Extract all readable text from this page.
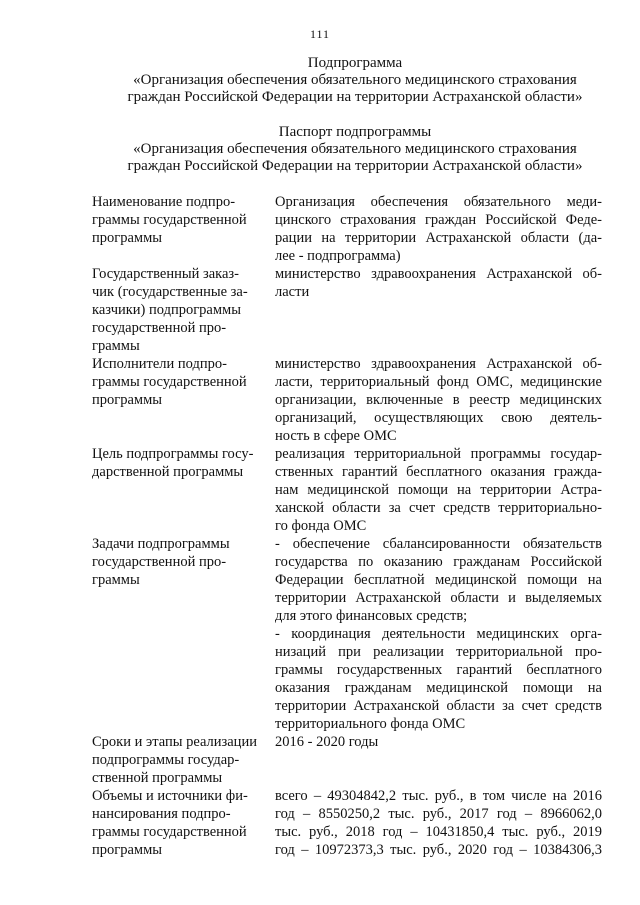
111
Подпрограмма
«Организация обеспечения обязательного медицинского страхования
граждан Российской Федерации на территории Астраханской области»
Паспорт подпрограммы
«Организация обеспечения обязательного медицинского страхования
граждан Российской Федерации на территории Астраханской области»
Наименование подпро-
граммы государственной
программы
Организация обеспечения обязательного меди-
цинского страхования граждан Российской Феде-
рации на территории Астраханской области (да-
лее - подпрограмма)
Государственный заказ-
чик (государственные за-
казчики) подпрограммы
государственной про-
граммы
министерство здравоохранения Астраханской об-
ласти
Исполнители подпро-
граммы государственной
программы
министерство здравоохранения Астраханской об-
ласти, территориальный фонд ОМС, медицинские
организации, включенные в реестр медицинских
организаций, осуществляющих свою деятель-
ность в сфере ОМС
Цель подпрограммы госу-
дарственной программы
реализация территориальной программы государ-
ственных гарантий бесплатного оказания гражда-
нам медицинской помощи на территории Астра-
ханской области за счет средств территориально-
го фонда ОМС
Задачи подпрограммы
государственной про-
граммы
- обеспечение сбалансированности обязательств
государства по оказанию гражданам Российской
Федерации бесплатной медицинской помощи на
территории Астраханской области и выделяемых
для этого финансовых средств;
- координация деятельности медицинских орга-
низаций при реализации территориальной про-
граммы государственных гарантий бесплатного
оказания гражданам медицинской помощи на
территории Астраханской области за счет средств
территориального фонда ОМС
Сроки и этапы реализации
подпрограммы государ-
ственной программы
2016 - 2020 годы
Объемы и источники фи-
нансирования подпро-
граммы государственной
программы
всего – 49304842,2 тыс. руб., в том числе на 2016
год – 8550250,2 тыс. руб., 2017 год – 8966062,0
тыс. руб., 2018 год – 10431850,4 тыс. руб., 2019
год – 10972373,3 тыс. руб., 2020 год – 10384306,3
